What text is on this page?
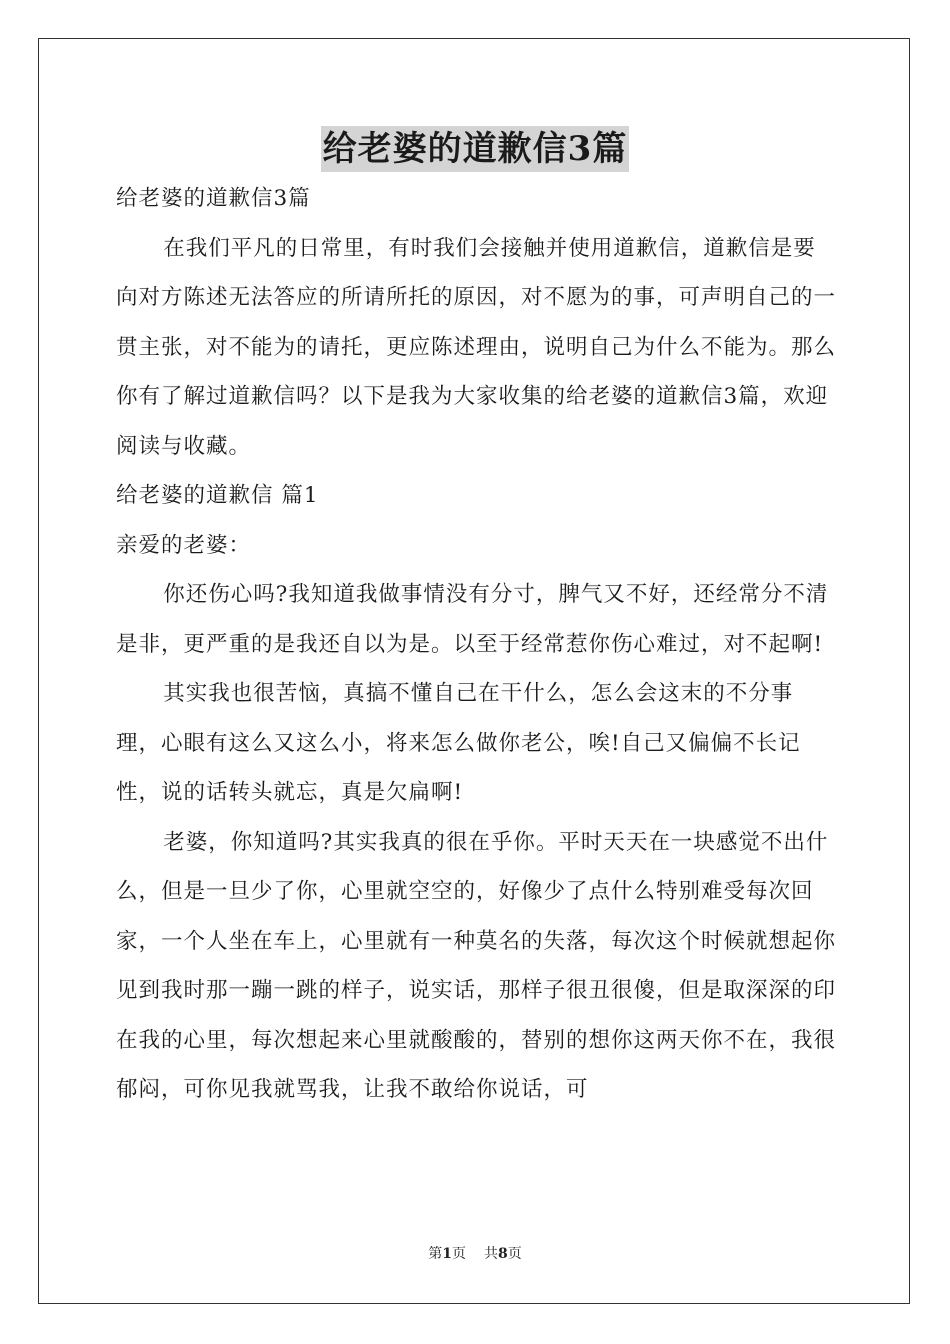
给老婆的道歉信3篇

给老婆的道歉信3篇

在我们平凡的日常里，有时我们会接触并使用道歉信，道歉信是要向对方陈述无法答应的所请所托的原因，对不愿为的事，可声明自己的一贯主张，对不能为的请托，更应陈述理由，说明自己为什么不能为。那么你有了解过道歉信吗？以下是我为大家收集的给老婆的道歉信3篇，欢迎阅读与收藏。

给老婆的道歉信 篇1

亲爱的老婆：

你还伤心吗?我知道我做事情没有分寸，脾气又不好，还经常分不清是非，更严重的是我还自以为是。以至于经常惹你伤心难过，对不起啊!

其实我也很苦恼，真搞不懂自己在干什么，怎么会这末的不分事理，心眼有这么又这么小，将来怎么做你老公，唉!自己又偏偏不长记性，说的话转头就忘，真是欠扁啊!

老婆，你知道吗?其实我真的很在乎你。平时天天在一块感觉不出什么，但是一旦少了你，心里就空空的，好像少了点什么特别难受每次回家，一个人坐在车上，心里就有一种莫名的失落，每次这个时候就想起你见到我时那一蹦一跳的样子，说实话，那样子很丑很傻，但是取深深的印在我的心里，每次想起来心里就酸酸的，替别的想你这两天你不在，我很郁闷，可你见我就骂我，让我不敢给你说话，可

第1页 共8页
